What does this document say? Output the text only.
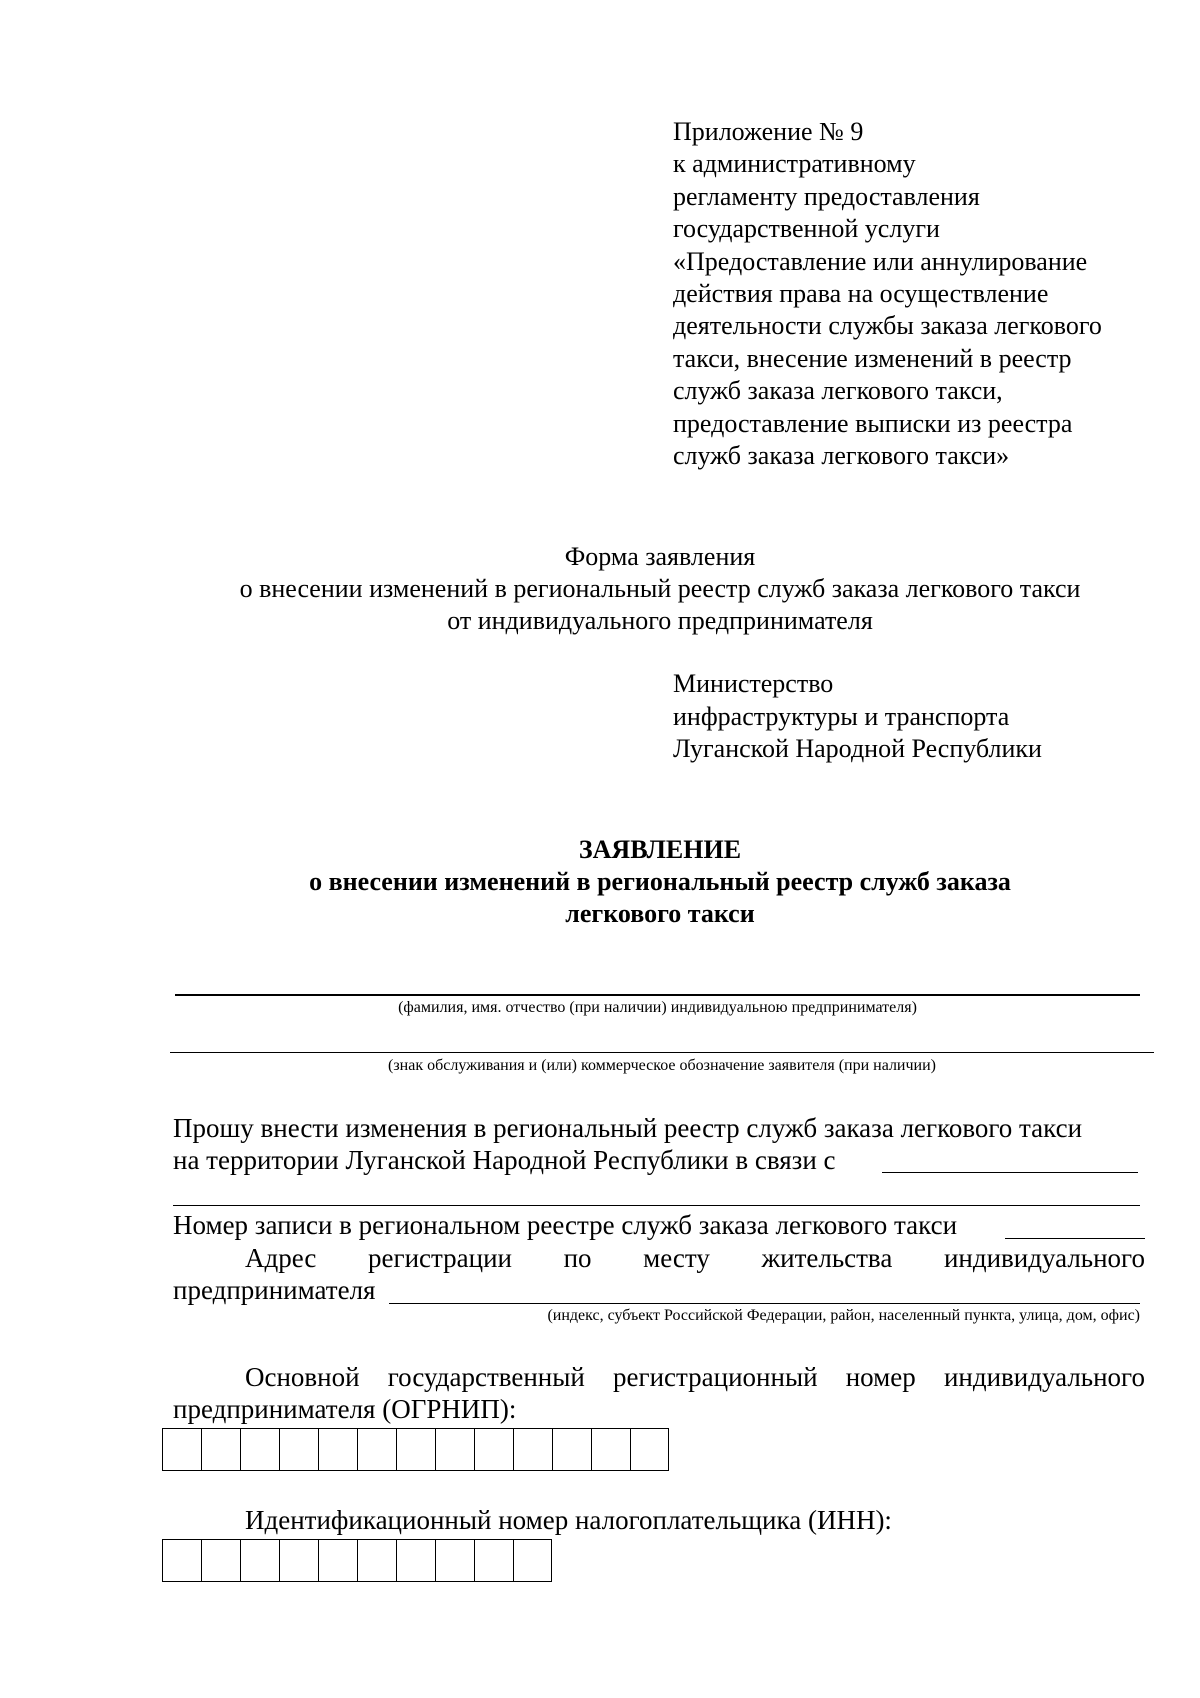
Приложение № 9
к административному
регламенту предоставления
государственной услуги
«Предоставление или аннулирование
действия права на осуществление
деятельности службы заказа легкового
такси, внесение изменений в реестр
служб заказа легкового такси,
предоставление выписки из реестра
служб заказа легкового такси»
Форма заявления
о внесении изменений в региональный реестр служб заказа легкового такси
от индивидуального предпринимателя
Министерство
инфраструктуры и транспорта
Луганской Народной Республики
ЗАЯВЛЕНИЕ
о внесении изменений в региональный реестр служб заказа
легкового такси
(фамилия, имя. отчество (при наличии) индивидуальною предпринимателя)
(знак обслуживания и (или) коммерческое обозначение заявителя (при наличии)
Прошу внести изменения в региональный реестр служб заказа легкового такси
на территории Луганской Народной Республики в связи с
Номер записи в региональном реестре служб заказа легкового такси
Адрес регистрации по месту жительства индивидуального
предпринимателя
(индекс, субъект Российской Федерации, район, населенный пункта, улица, дом, офис)
Основной государственный регистрационный номер индивидуального
предпринимателя (ОГРНИП):
Идентификационный номер налогоплательщика (ИНН):
